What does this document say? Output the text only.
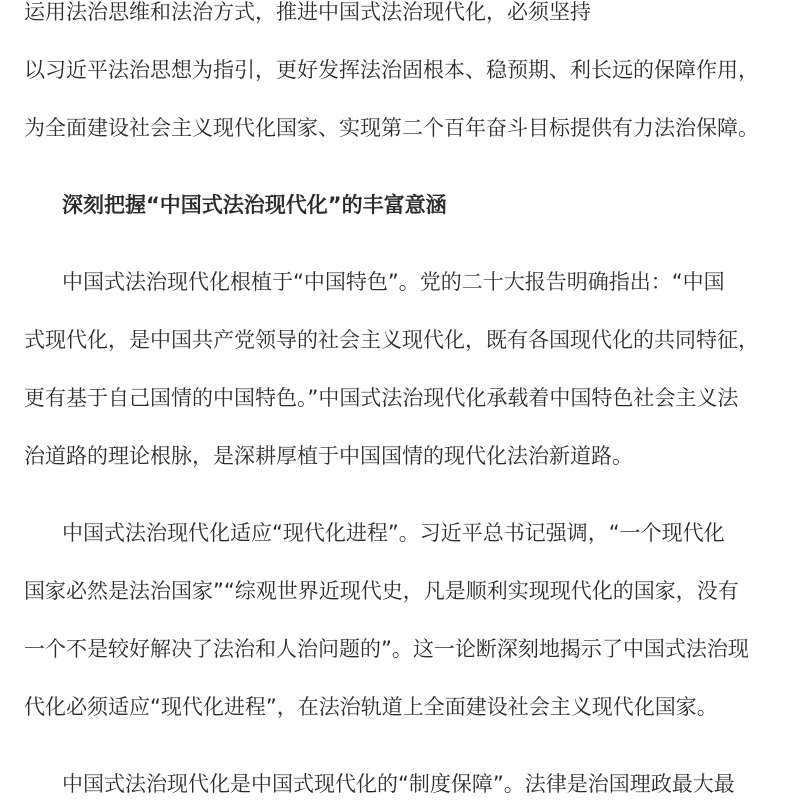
运用法治思维和法治方式，推进中国式法治现代化，必须坚持
以习近平法治思想为指引，更好发挥法治固根本、稳预期、利长远的保障作用，
为全面建设社会主义现代化国家、实现第二个百年奋斗目标提供有力法治保障。
深刻把握“中国式法治现代化”的丰富意涵
中国式法治现代化根植于“中国特色”。党的二十大报告明确指出：“中国
式现代化，是中国共产党领导的社会主义现代化，既有各国现代化的共同特征，
更有基于自己国情的中国特色。”中国式法治现代化承载着中国特色社会主义法
治道路的理论根脉，是深耕厚植于中国国情的现代化法治新道路。
中国式法治现代化适应“现代化进程”。习近平总书记强调，“一个现代化
国家必然是法治国家”“综观世界近现代史，凡是顺利实现现代化的国家，没有
一个不是较好解决了法治和人治问题的”。这一论断深刻地揭示了中国式法治现
代化必须适应“现代化进程”，在法治轨道上全面建设社会主义现代化国家。
中国式法治现代化是中国式现代化的“制度保障”。法律是治国理政最大最
